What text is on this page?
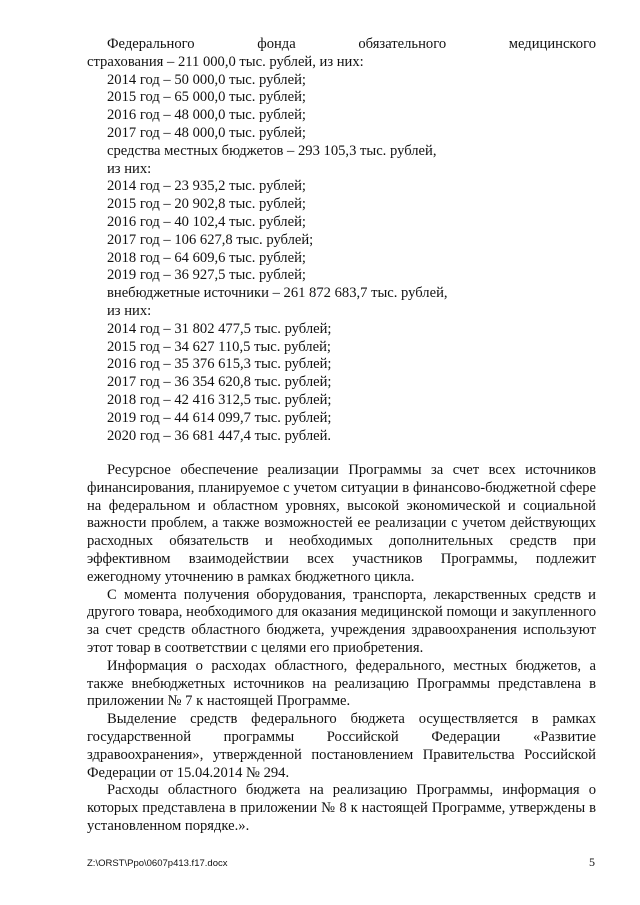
Федерального фонда обязательного медицинского
страхования – 211 000,0 тыс. рублей, из них:
2014 год – 50 000,0 тыс. рублей;
2015 год – 65 000,0 тыс. рублей;
2016 год – 48 000,0 тыс. рублей;
2017 год – 48 000,0 тыс. рублей;
средства местных бюджетов – 293 105,3 тыс. рублей,
из них:
2014 год – 23 935,2 тыс. рублей;
2015 год – 20 902,8 тыс. рублей;
2016 год – 40 102,4 тыс. рублей;
2017 год – 106 627,8 тыс. рублей;
2018 год – 64 609,6 тыс. рублей;
2019 год – 36 927,5 тыс. рублей;
внебюджетные источники – 261 872 683,7 тыс. рублей,
из них:
2014 год – 31 802 477,5 тыс. рублей;
2015 год – 34 627 110,5 тыс. рублей;
2016 год – 35 376 615,3 тыс. рублей;
2017 год – 36 354 620,8 тыс. рублей;
2018 год – 42 416 312,5 тыс. рублей;
2019 год – 44 614 099,7 тыс. рублей;
2020 год – 36 681 447,4 тыс. рублей.

Ресурсное обеспечение реализации Программы за счет всех источников финансирования, планируемое с учетом ситуации в финансово-бюджетной сфере на федеральном и областном уровнях, высокой экономической и социальной важности проблем, а также возможностей ее реализации с учетом действующих расходных обязательств и необходимых дополнительных средств при эффективном взаимодействии всех участников Программы, подлежит ежегодному уточнению в рамках бюджетного цикла.

С момента получения оборудования, транспорта, лекарственных средств и другого товара, необходимого для оказания медицинской помощи и закупленного за счет средств областного бюджета, учреждения здравоохранения используют этот товар в соответствии с целями его приобретения.

Информация о расходах областного, федерального, местных бюджетов, а также внебюджетных источников на реализацию Программы представлена в приложении № 7 к настоящей Программе.

Выделение средств федерального бюджета осуществляется в рамках государственной программы Российской Федерации «Развитие здравоохранения», утвержденной постановлением Правительства Российской Федерации от 15.04.2014 № 294.

Расходы областного бюджета на реализацию Программы, информация о которых представлена в приложении № 8 к настоящей Программе, утверждены в установленном порядке.».

Z:\ORST\Ppo\0607p413.f17.docx	5
